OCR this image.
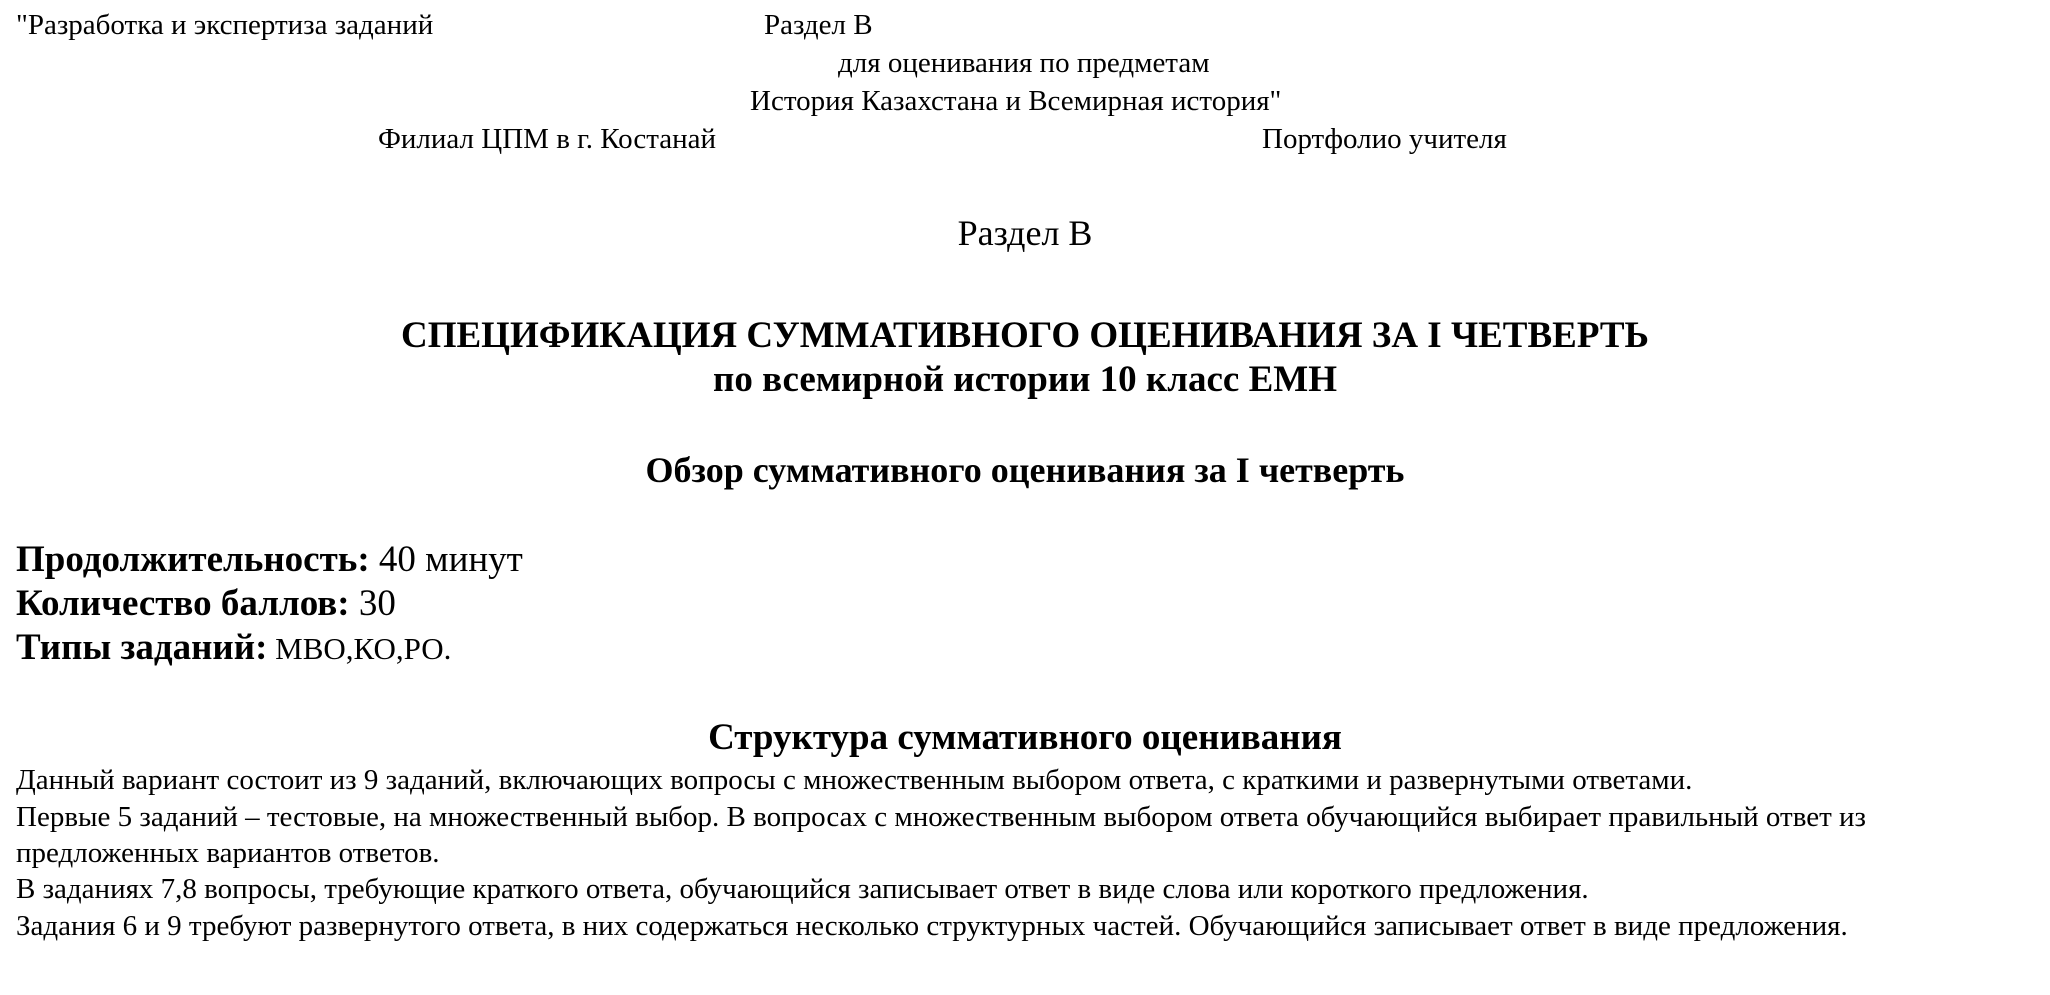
"Разработка и экспертиза заданий	Раздел B
для оценивания по предметам
История Казахстана и Всемирная история"
Филиал ЦПМ в г. Костанай	Портфолио учителя
Раздел B
СПЕЦИФИКАЦИЯ СУММАТИВНОГО ОЦЕНИВАНИЯ ЗА I ЧЕТВЕРТЬ
по всемирной истории 10 класс ЕМН
Обзор суммативного оценивания за I четверть
Продолжительность: 40 минут
Количество баллов: 30
Типы заданий: МВО,КО,РО.
Структура суммативного оценивания

Данный вариант состоит из 9 заданий, включающих вопросы с множественным выбором ответа, с краткими и развернутыми ответами.

Первые 5 заданий – тестовые, на множественный выбор. В вопросах с множественным выбором ответа обучающийся выбирает правильный ответ из предложенных вариантов ответов.

В заданиях 7,8 вопросы, требующие краткого ответа, обучающийся записывает ответ в виде слова или короткого предложения.

Задания 6 и 9 требуют развернутого ответа, в них содержаться несколько структурных частей. Обучающийся записывает ответ в виде предложения.
